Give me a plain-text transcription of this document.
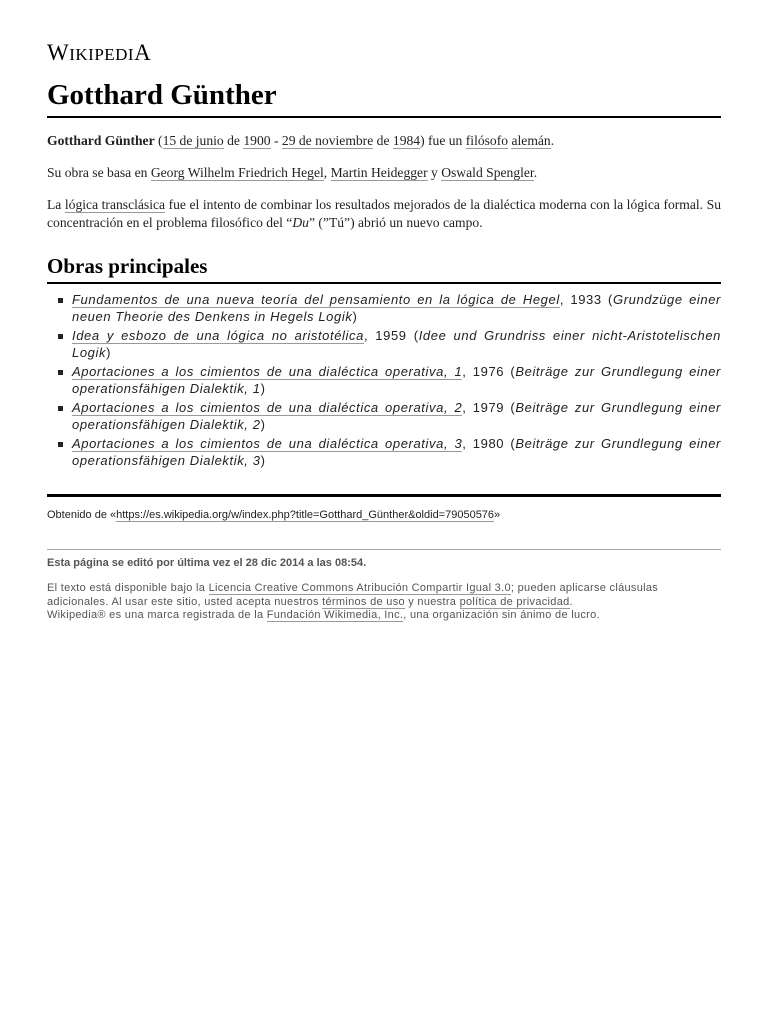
WIKIPEDIA
Gotthard Günther

Gotthard Günther (15 de junio de 1900 - 29 de noviembre de 1984) fue un filósofo alemán.

Su obra se basa en Georg Wilhelm Friedrich Hegel, Martin Heidegger y Oswald Spengler.

La lógica transclásica fue el intento de combinar los resultados mejorados de la dialéctica moderna con la lógica formal. Su concentración en el problema filosófico del “Du” (”Tú”) abrió un nuevo campo.

Obras principales
Fundamentos de una nueva teoría del pensamiento en la lógica de Hegel, 1933 (Grundzüge einer neuen Theorie des Denkens in Hegels Logik)
Idea y esbozo de una lógica no aristotélica, 1959 (Idee und Grundriss einer nicht-Aristotelischen Logik)
Aportaciones a los cimientos de una dialéctica operativa, 1, 1976 (Beiträge zur Grundlegung einer operationsfähigen Dialektik, 1)
Aportaciones a los cimientos de una dialéctica operativa, 2, 1979 (Beiträge zur Grundlegung einer operationsfähigen Dialektik, 2)
Aportaciones a los cimientos de una dialéctica operativa, 3, 1980 (Beiträge zur Grundlegung einer operationsfähigen Dialektik, 3)
Obtenido de «https://es.wikipedia.org/w/index.php?title=Gotthard_Günther&oldid=79050576»
Esta página se editó por última vez el 28 dic 2014 a las 08:54.
El texto está disponible bajo la Licencia Creative Commons Atribución Compartir Igual 3.0; pueden aplicarse cláusulas adicionales. Al usar este sitio, usted acepta nuestros términos de uso y nuestra política de privacidad.
Wikipedia® es una marca registrada de la Fundación Wikimedia, Inc., una organización sin ánimo de lucro.
